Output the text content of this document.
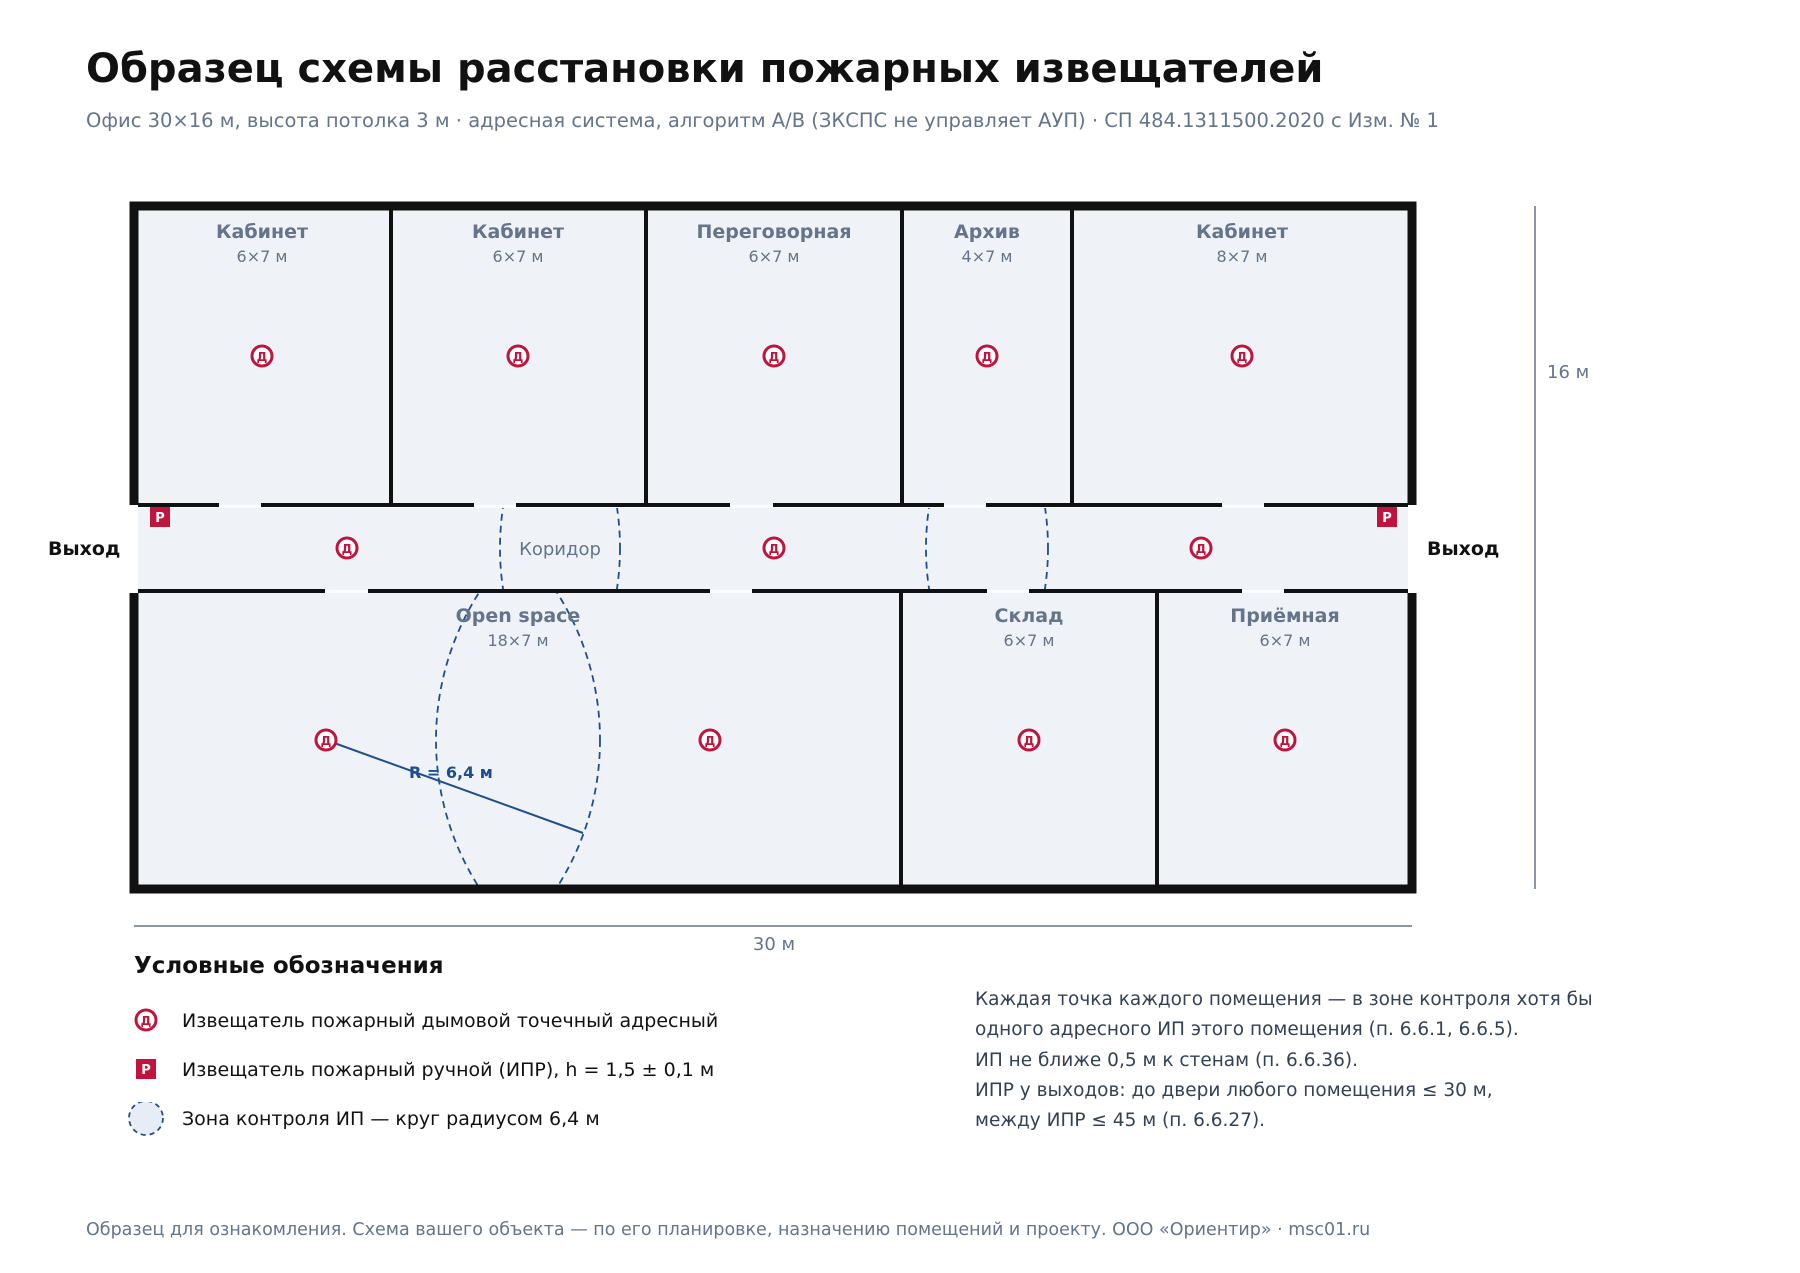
Образец схемы расстановки пожарных извещателей
Офис 30×16 м, высота потолка 3 м · адресная система, алгоритм А/В (ЗКСПС не управляет АУП) · СП 484.1311500.2020 с Изм. № 1
R = 6,4 м
Кабинет
6×7 м
Кабинет
6×7 м
Переговорная
6×7 м
Архив
4×7 м
Кабинет
8×7 м
Open space
18×7 м
Склад
6×7 м
Приёмная
6×7 м
Коридор
Выход	Выход
Д	Д	Д	Д	Д
Д	Д	Д
Д	Д	Д	Д
Р	Р
30 м
16 м
Условные обозначения
Д Извещатель пожарный дымовой точечный адресный
Р Извещатель пожарный ручной (ИПР), h = 1,5 ± 0,1 м
Зона контроля ИП — круг радиусом 6,4 м
Каждая точка каждого помещения — в зоне контроля хотя бы
одного адресного ИП этого помещения (п. 6.6.1, 6.6.5).
ИП не ближе 0,5 м к стенам (п. 6.6.36).
ИПР у выходов: до двери любого помещения ≤ 30 м,
между ИПР ≤ 45 м (п. 6.6.27).
Образец для ознакомления. Схема вашего объекта — по его планировке, назначению помещений и проекту. ООО «Ориентир» · msc01.ru
